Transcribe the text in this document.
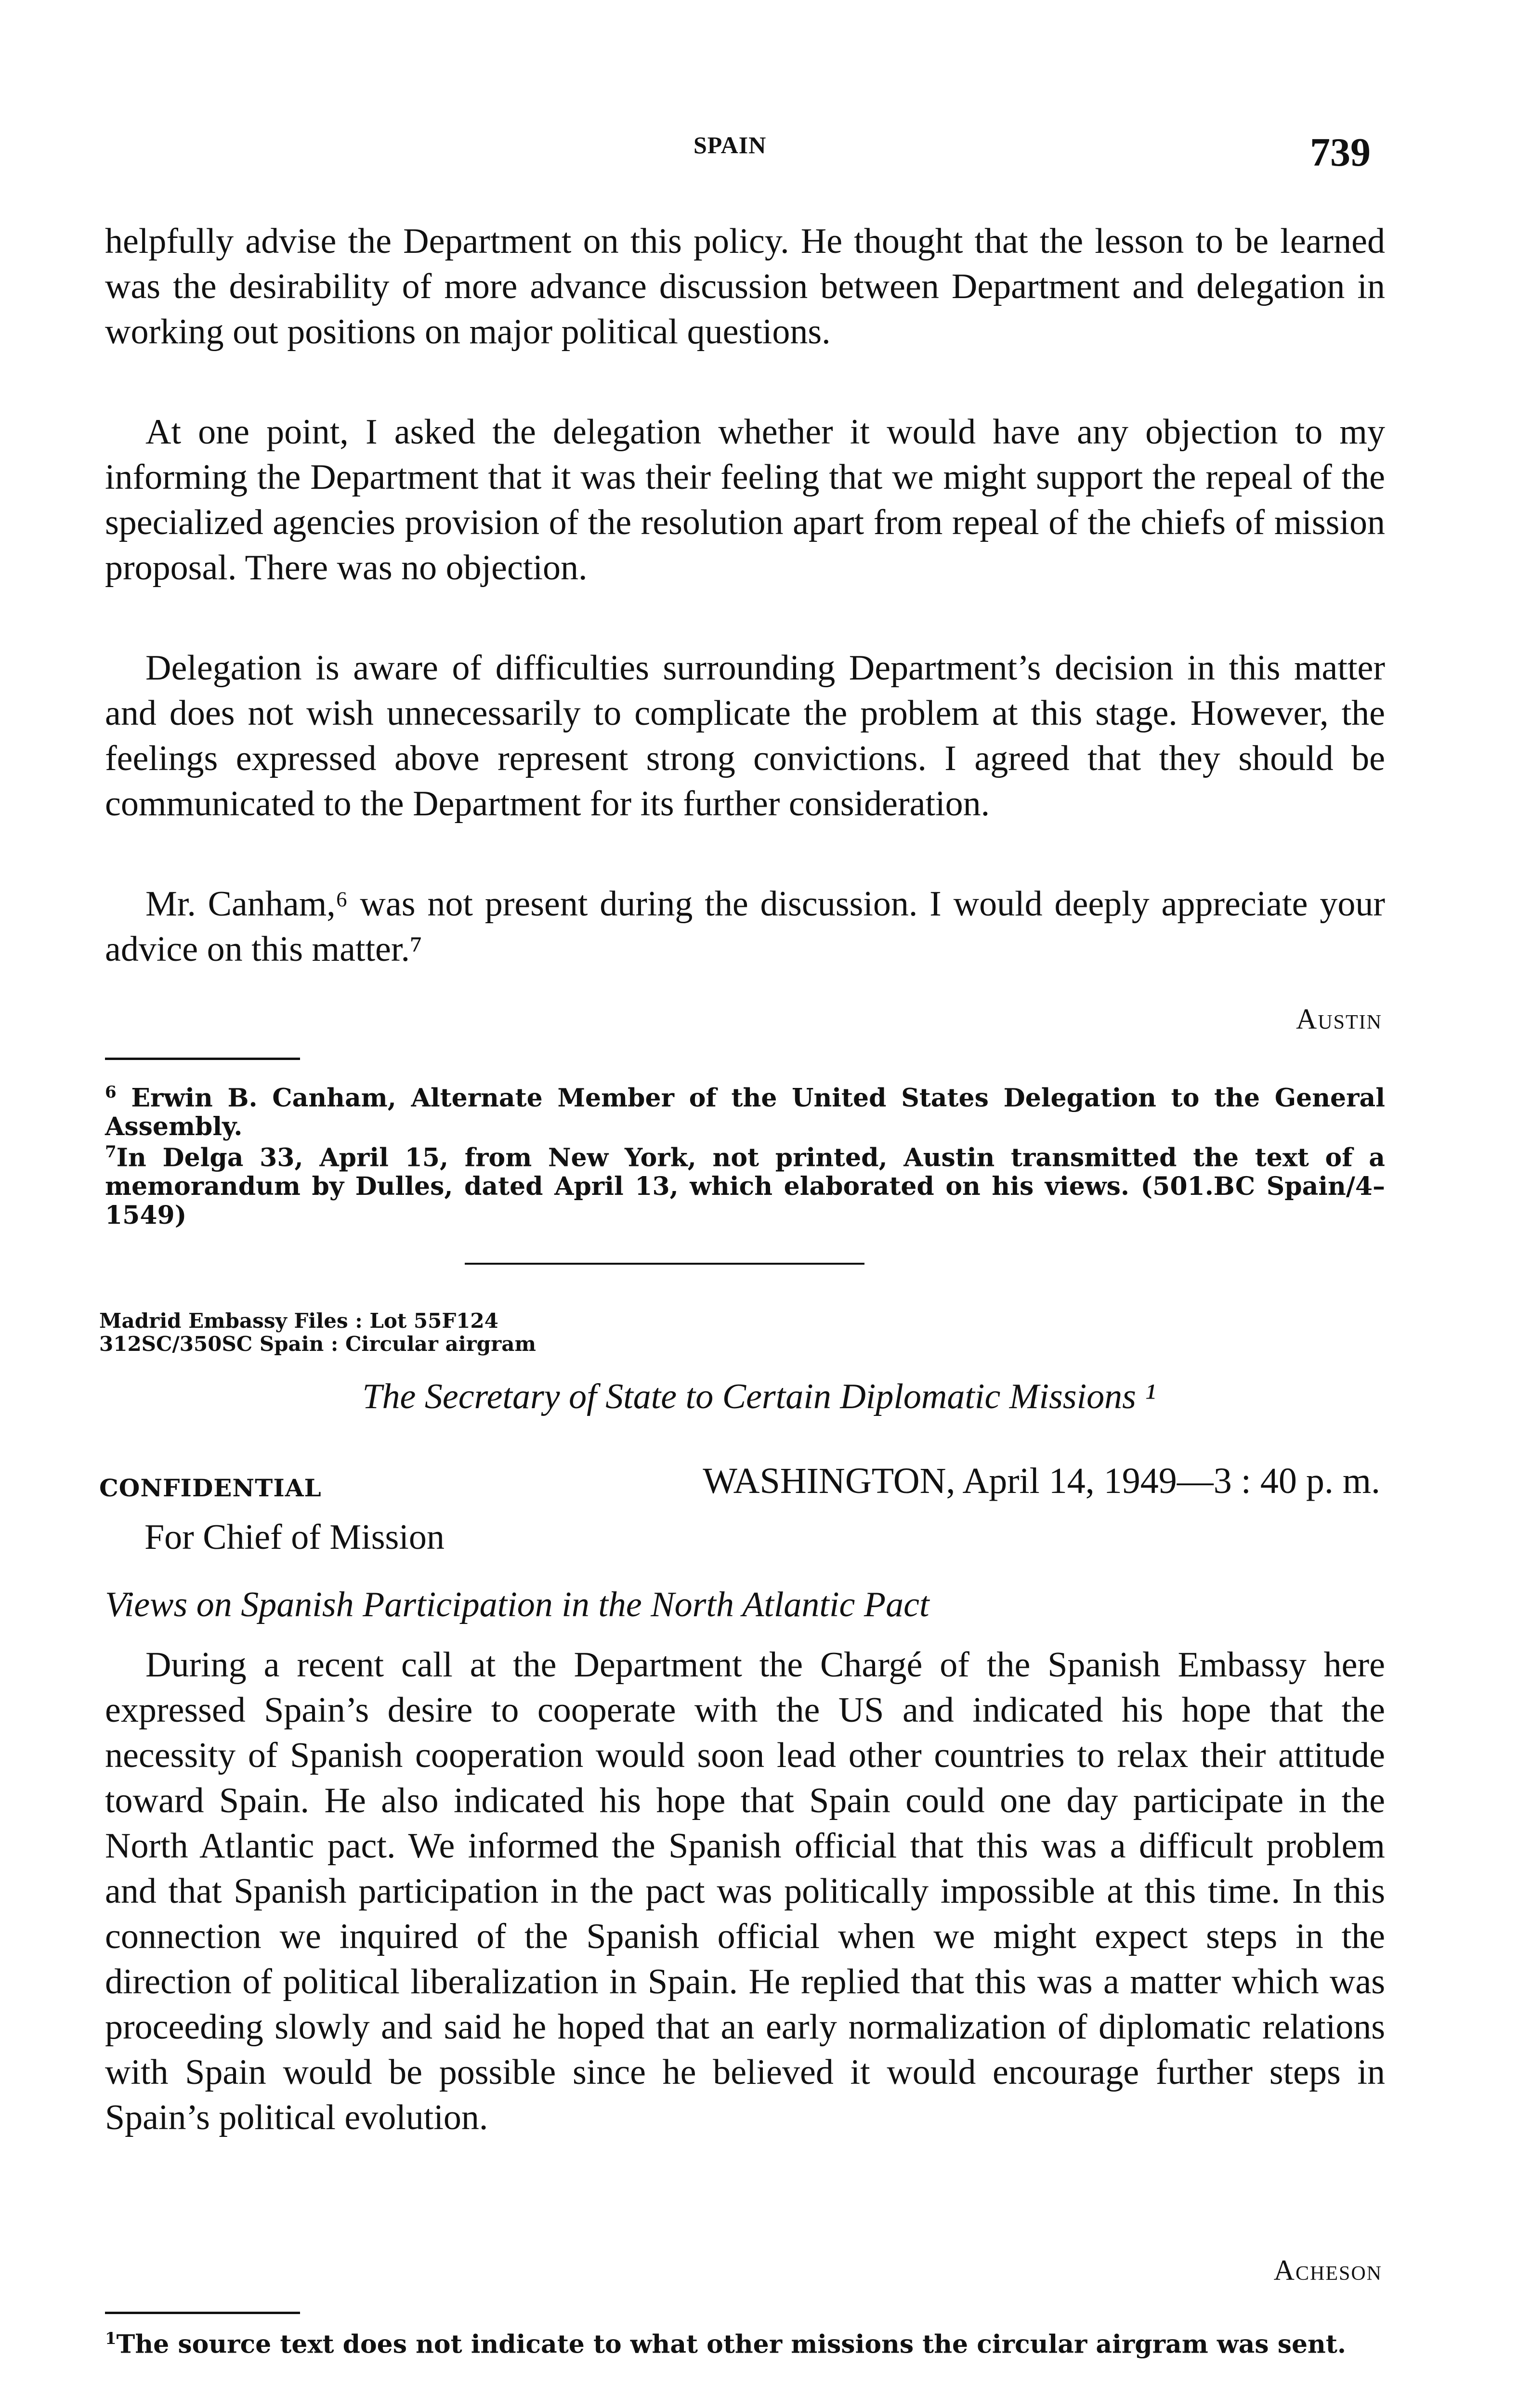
SPAIN	739

helpfully advise the Department on this policy. He thought that the lesson to be learned was the desirability of more advance discussion between Department and delegation in working out positions on major political questions.

At one point, I asked the delegation whether it would have any objection to my informing the Department that it was their feeling that we might support the repeal of the specialized agencies provision of the resolution apart from repeal of the chiefs of mission proposal. There was no objection.

Delegation is aware of difficulties surrounding Department’s decision in this matter and does not wish unnecessarily to complicate the problem at this stage. However, the feelings expressed above represent strong convictions. I agreed that they should be communicated to the Department for its further consideration.

Mr. Canham,⁶ was not present during the discussion. I would deeply appreciate your advice on this matter.⁷

Austin

$^6$ Erwin B. Canham, Alternate Member of the United States Delegation to the General Assembly.

$^7$In Delga 33, April 15, from New York, not printed, Austin transmitted the text of a memorandum by Dulles, dated April 13, which elaborated on his views. (501.BC Spain/4–1549)

Madrid Embassy Files : Lot 55F124
312SC/350SC Spain : Circular airgram
The Secretary of State to Certain Diplomatic Missions ¹
CONFIDENTIAL	WASHINGTON, April 14, 1949—3 : 40 p. m.
For Chief of Mission
Views on Spanish Participation in the North Atlantic Pact

During a recent call at the Department the Chargé of the Spanish Embassy here expressed Spain’s desire to cooperate with the US and indicated his hope that the necessity of Spanish cooperation would soon lead other countries to relax their attitude toward Spain. He also indicated his hope that Spain could one day participate in the North Atlantic pact. We informed the Spanish official that this was a difficult problem and that Spanish participation in the pact was politically impossible at this time. In this connection we inquired of the Spanish official when we might expect steps in the direction of political liberalization in Spain. He replied that this was a matter which was proceeding slowly and said he hoped that an early normalization of diplomatic relations with Spain would be possible since he believed it would encourage further steps in Spain’s political evolution.

Acheson

$^1$The source text does not indicate to what other missions the circular airgram was sent.
